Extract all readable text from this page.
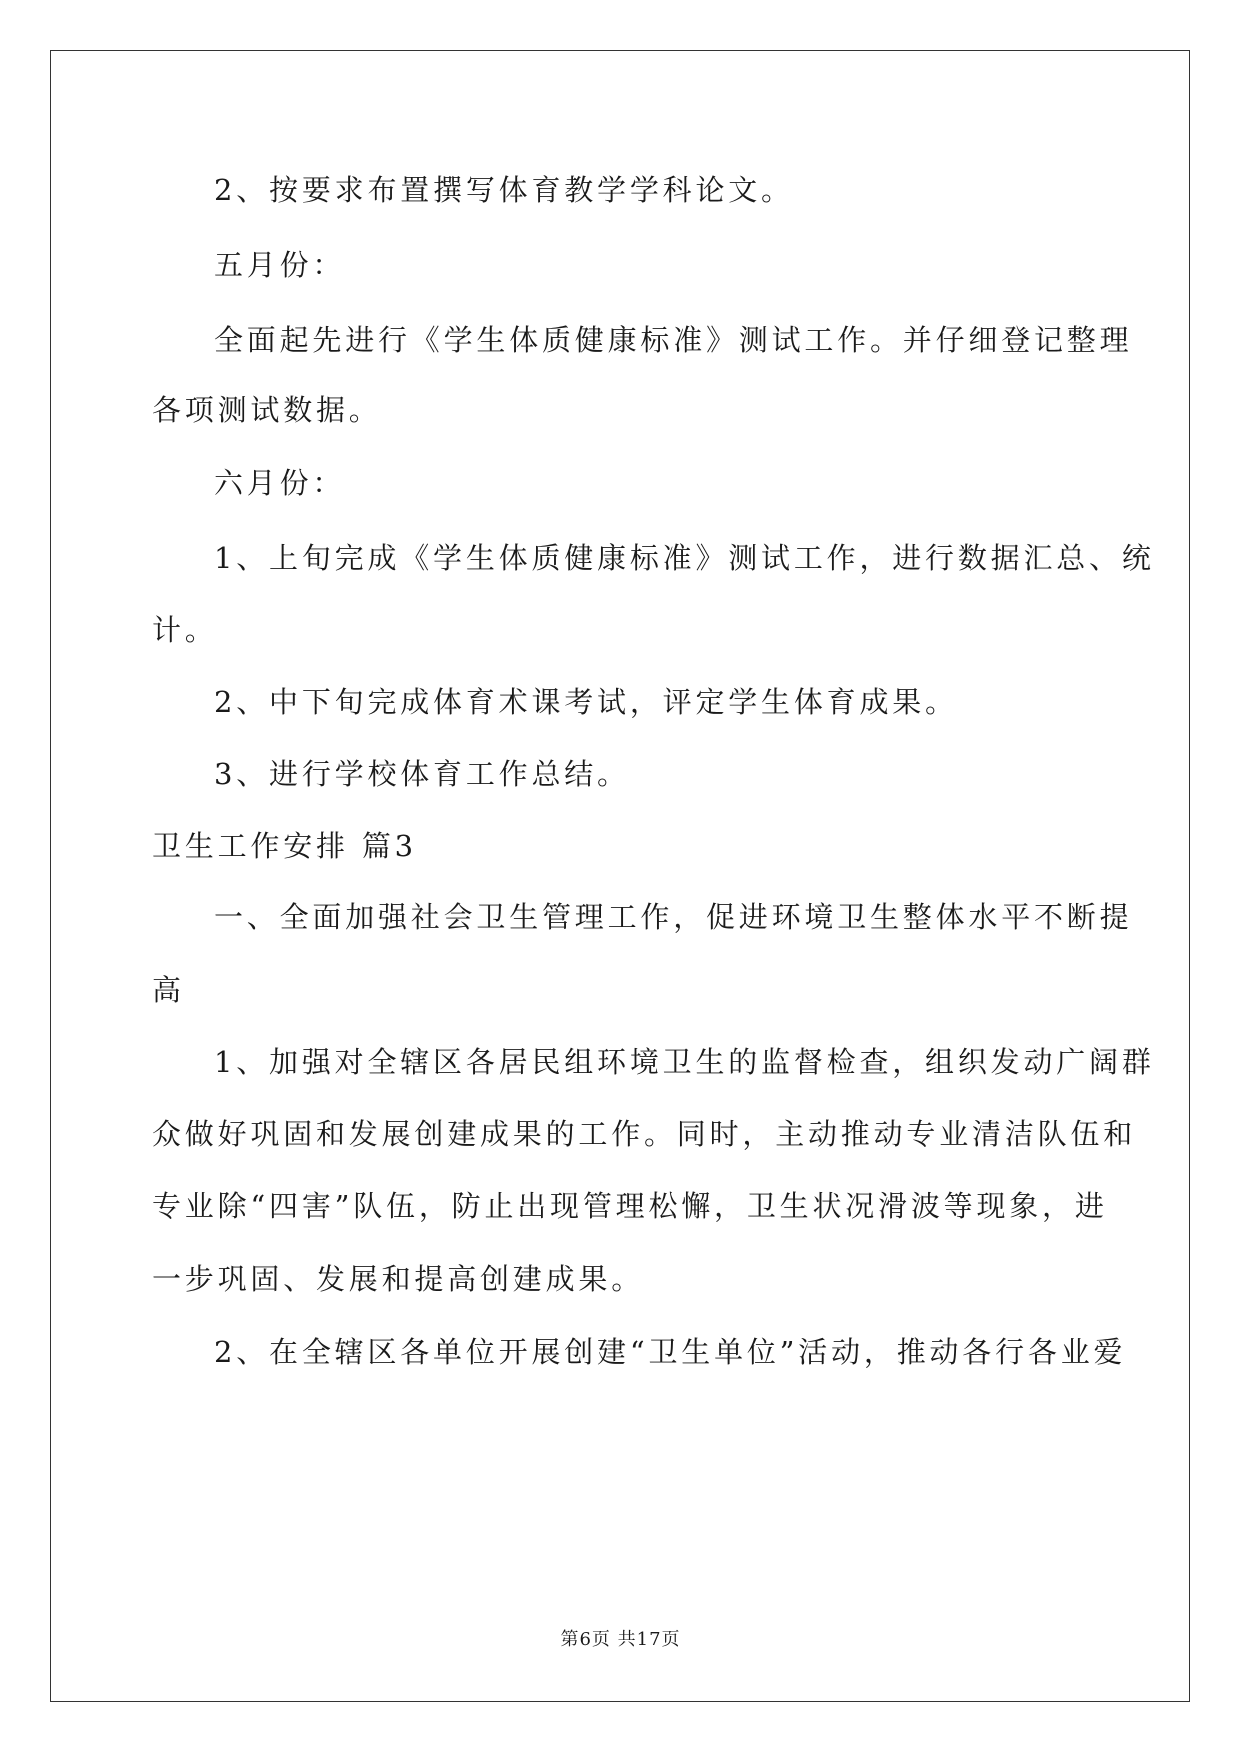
2、按要求布置撰写体育教学学科论文。
五月份：
全面起先进行《学生体质健康标准》测试工作。并仔细登记整理
各项测试数据。
六月份：
1、上旬完成《学生体质健康标准》测试工作，进行数据汇总、统
计。
2、中下旬完成体育术课考试，评定学生体育成果。
3、进行学校体育工作总结。
卫生工作安排 篇3
一、全面加强社会卫生管理工作，促进环境卫生整体水平不断提
高
1、加强对全辖区各居民组环境卫生的监督检查，组织发动广阔群
众做好巩固和发展创建成果的工作。同时，主动推动专业清洁队伍和
专业除“四害”队伍，防止出现管理松懈，卫生状况滑波等现象，进
一步巩固、发展和提高创建成果。
2、在全辖区各单位开展创建“卫生单位”活动，推动各行各业爱
第6页 共17页
